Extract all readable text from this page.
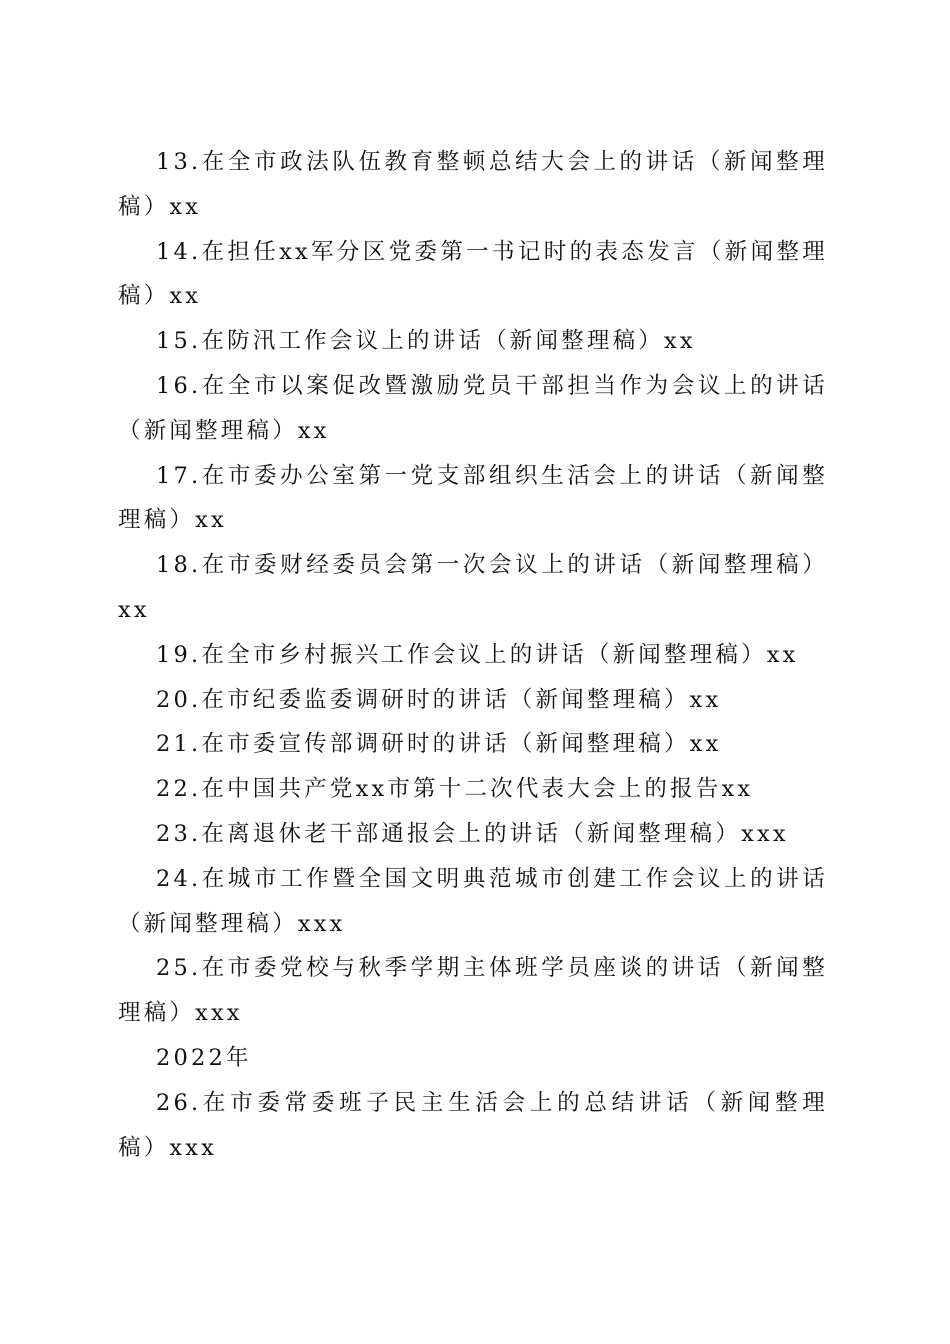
13.在全市政法队伍教育整顿总结大会上的讲话（新闻整理稿）xx

14.在担任xx军分区党委第一书记时的表态发言（新闻整理稿）xx

15.在防汛工作会议上的讲话（新闻整理稿）xx

16.在全市以案促改暨激励党员干部担当作为会议上的讲话（新闻整理稿）xx

17.在市委办公室第一党支部组织生活会上的讲话（新闻整理稿）xx

18.在市委财经委员会第一次会议上的讲话（新闻整理稿）xx

19.在全市乡村振兴工作会议上的讲话（新闻整理稿）xx

20.在市纪委监委调研时的讲话（新闻整理稿）xx

21.在市委宣传部调研时的讲话（新闻整理稿）xx

22.在中国共产党xx市第十二次代表大会上的报告xx

23.在离退休老干部通报会上的讲话（新闻整理稿）xxx

24.在城市工作暨全国文明典范城市创建工作会议上的讲话（新闻整理稿）xxx

25.在市委党校与秋季学期主体班学员座谈的讲话（新闻整理稿）xxx

2022年

26.在市委常委班子民主生活会上的总结讲话（新闻整理稿）xxx
